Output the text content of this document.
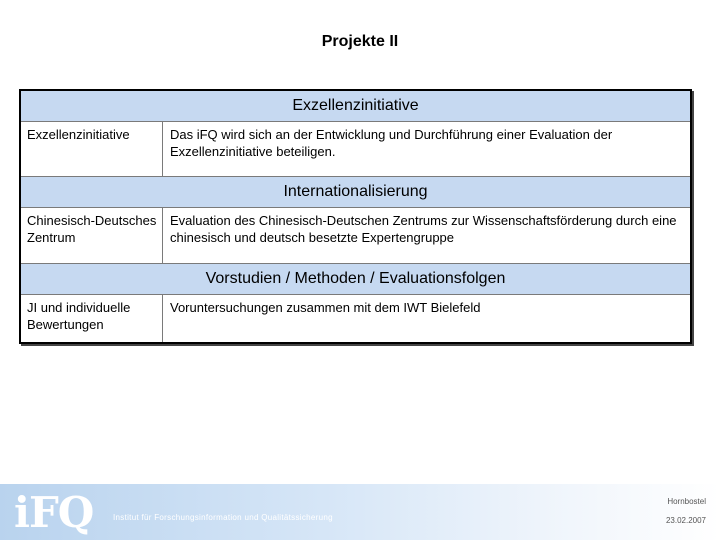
Projekte II
Exzellenzinitiative
Exzellenzinitiative	Das iFQ wird sich an der Entwicklung und Durchführung einer Evaluation der Exzellenzinitiative beteiligen.
Internationalisierung
Chinesisch-Deutsches Zentrum
Evaluation des Chinesisch-Deutschen Zentrums zur Wissenschaftsförderung durch eine chinesisch und deutsch besetzte Expertengruppe
Vorstudien / Methoden / Evaluationsfolgen
JI und individuelle Bewertungen
Voruntersuchungen zusammen mit dem IWT Bielefeld
iFQ Institut für Forschungsinformation und Qualitätssicherung
Hornbostel
23.02.2007
